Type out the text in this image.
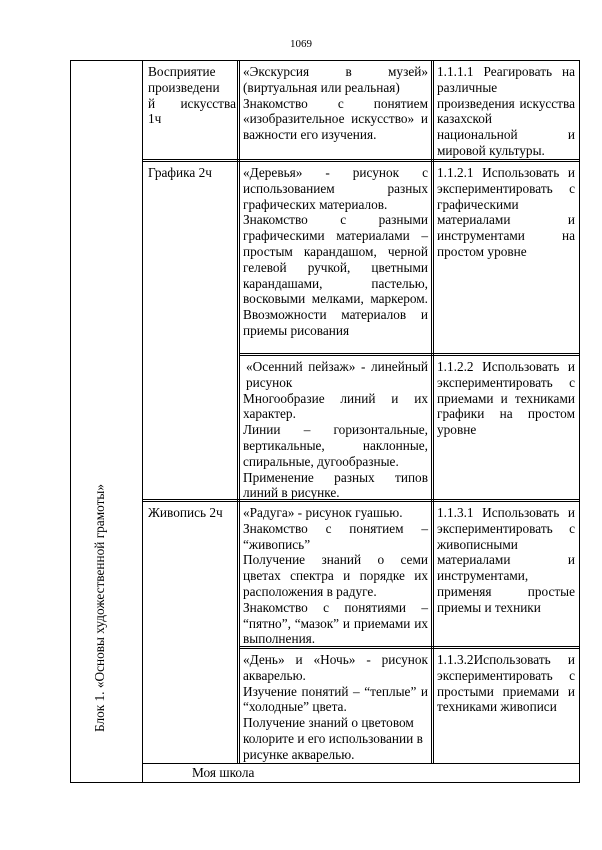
1069
Блок 1. «Основы художественной грамоты»
Восприятие
произведени
й искусства
1ч
Графика 2ч
Живопись 2ч

«Экскурсия в музей»

(виртуальная или реальная)

Знакомство с понятием «изобразительное искусство» и важности его изучения.

«Деревья» - рисунок с использованием разных графических материалов.

Знакомство с разными графическими материалами – простым карандашом, черной гелевой ручкой, цветными карандашами, пастелью, восковыми мелками, маркером. Ввозможности материалов и приемы рисования

«Осенний пейзаж» - линейный рисунок

Многообразие линий и их характер.

Линии – горизонтальные, вертикальные, наклонные, спиральные, дугообразные.

Применение разных типов линий в рисунке.

«Радуга» - рисунок гуашью.

Знакомство с понятием – “живопись”

Получение знаний о семи цветах спектра и порядке их расположения в радуге.

Знакомство с понятиями – “пятно”, “мазок” и приемами их выполнения.

«День» и «Ночь» - рисунок акварелью.

Изучение понятий – “теплые” и “холодные” цвета.

Получение знаний о цветовом колорите и его использовании в рисунке акварелью.

1.1.1.1 Реагировать на различные произведения искусства казахской национальной и мировой культуры.
1.1.2.1 Использовать и экспериментировать с графическими материалами и инструментами на простом уровне
1.1.2.2 Использовать и экспериментировать с приемами и техниками графики на простом уровне
1.1.3.1 Использовать и экспериментировать с живописными материалами и инструментами, применяя простые приемы и техники
1.1.3.2Использовать и экспериментировать с простыми приемами и техниками живописи
Моя школа
